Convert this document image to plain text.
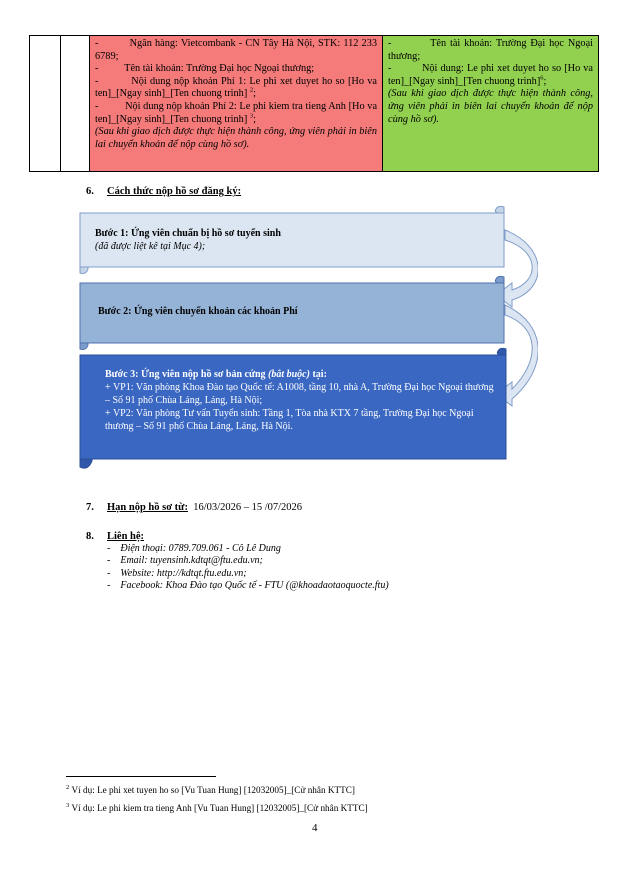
-          Ngân hàng: Vietcombank - CN Tây Hà Nội, STK: 112 233 6789;

-          Tên tài khoản: Trường Đại học Ngoại thương;

-          Nội dung nộp khoản Phí 1: Le phi xet duyet ho so [Ho va ten]_[Ngay sinh]_[Ten chuong trinh] $^2$;

-          Nội dung nộp khoản Phí 2: Le phi kiem tra tieng Anh [Ho va ten]_[Ngay sinh]_[Ten chuong trinh] $^3$;

(Sau khi giao dịch được thực hiện thành công, ứng viên phải in biên lai chuyển khoản để nộp cùng hồ sơ).

-          Tên tài khoản: Trường Đại học Ngoại thương;

-          Nội dung: Le phi xet duyet ho so [Ho va ten]_[Ngay sinh]_[Ten chuong trinh]$^6$;

(Sau khi giao dịch được thực hiện thành công, ứng viên phải in biên lai chuyển khoản để nộp cùng hồ sơ).

6. Cách thức nộp hồ sơ đăng ký:
Bước 1: Ứng viên chuẩn bị hồ sơ tuyển sinh
(đã được liệt kê tại Mục 4);
Bước 2: Ứng viên chuyển khoản các khoản Phí
Bước 3: Ứng viên nộp hồ sơ bản cứng (bắt buộc) tại:
+ VP1: Văn phòng Khoa Đào tạo Quốc tế: A1008, tầng 10, nhà A, Trường Đại học Ngoại thương – Số 91 phố Chùa Láng, Láng, Hà Nội;
+ VP2: Văn phòng Tư vấn Tuyển sinh: Tầng 1, Tòa nhà KTX 7 tầng, Trường Đại học Ngoại thương – Số 91 phố Chùa Láng, Láng, Hà Nội.
7. Hạn nộp hồ sơ từ: 16/03/2026 – 15 /07/2026
8. Liên hệ:
-    Điện thoại: 0789.709.061 - Cô Lê Dung
-    Email: tuyensinh.kdtqt@ftu.edu.vn;
-    Website: http://kdtqt.ftu.edu.vn;
-    Facebook: Khoa Đào tạo Quốc tế - FTU (@khoadaotaoquocte.ftu)
$^2$ Ví dụ: Le phi xet tuyen ho so [Vu Tuan Hung] [12032005]_[Cử nhân KTTC]
$^3$ Ví dụ: Le phi kiem tra tieng Anh [Vu Tuan Hung] [12032005]_[Cử nhân KTTC]
4
